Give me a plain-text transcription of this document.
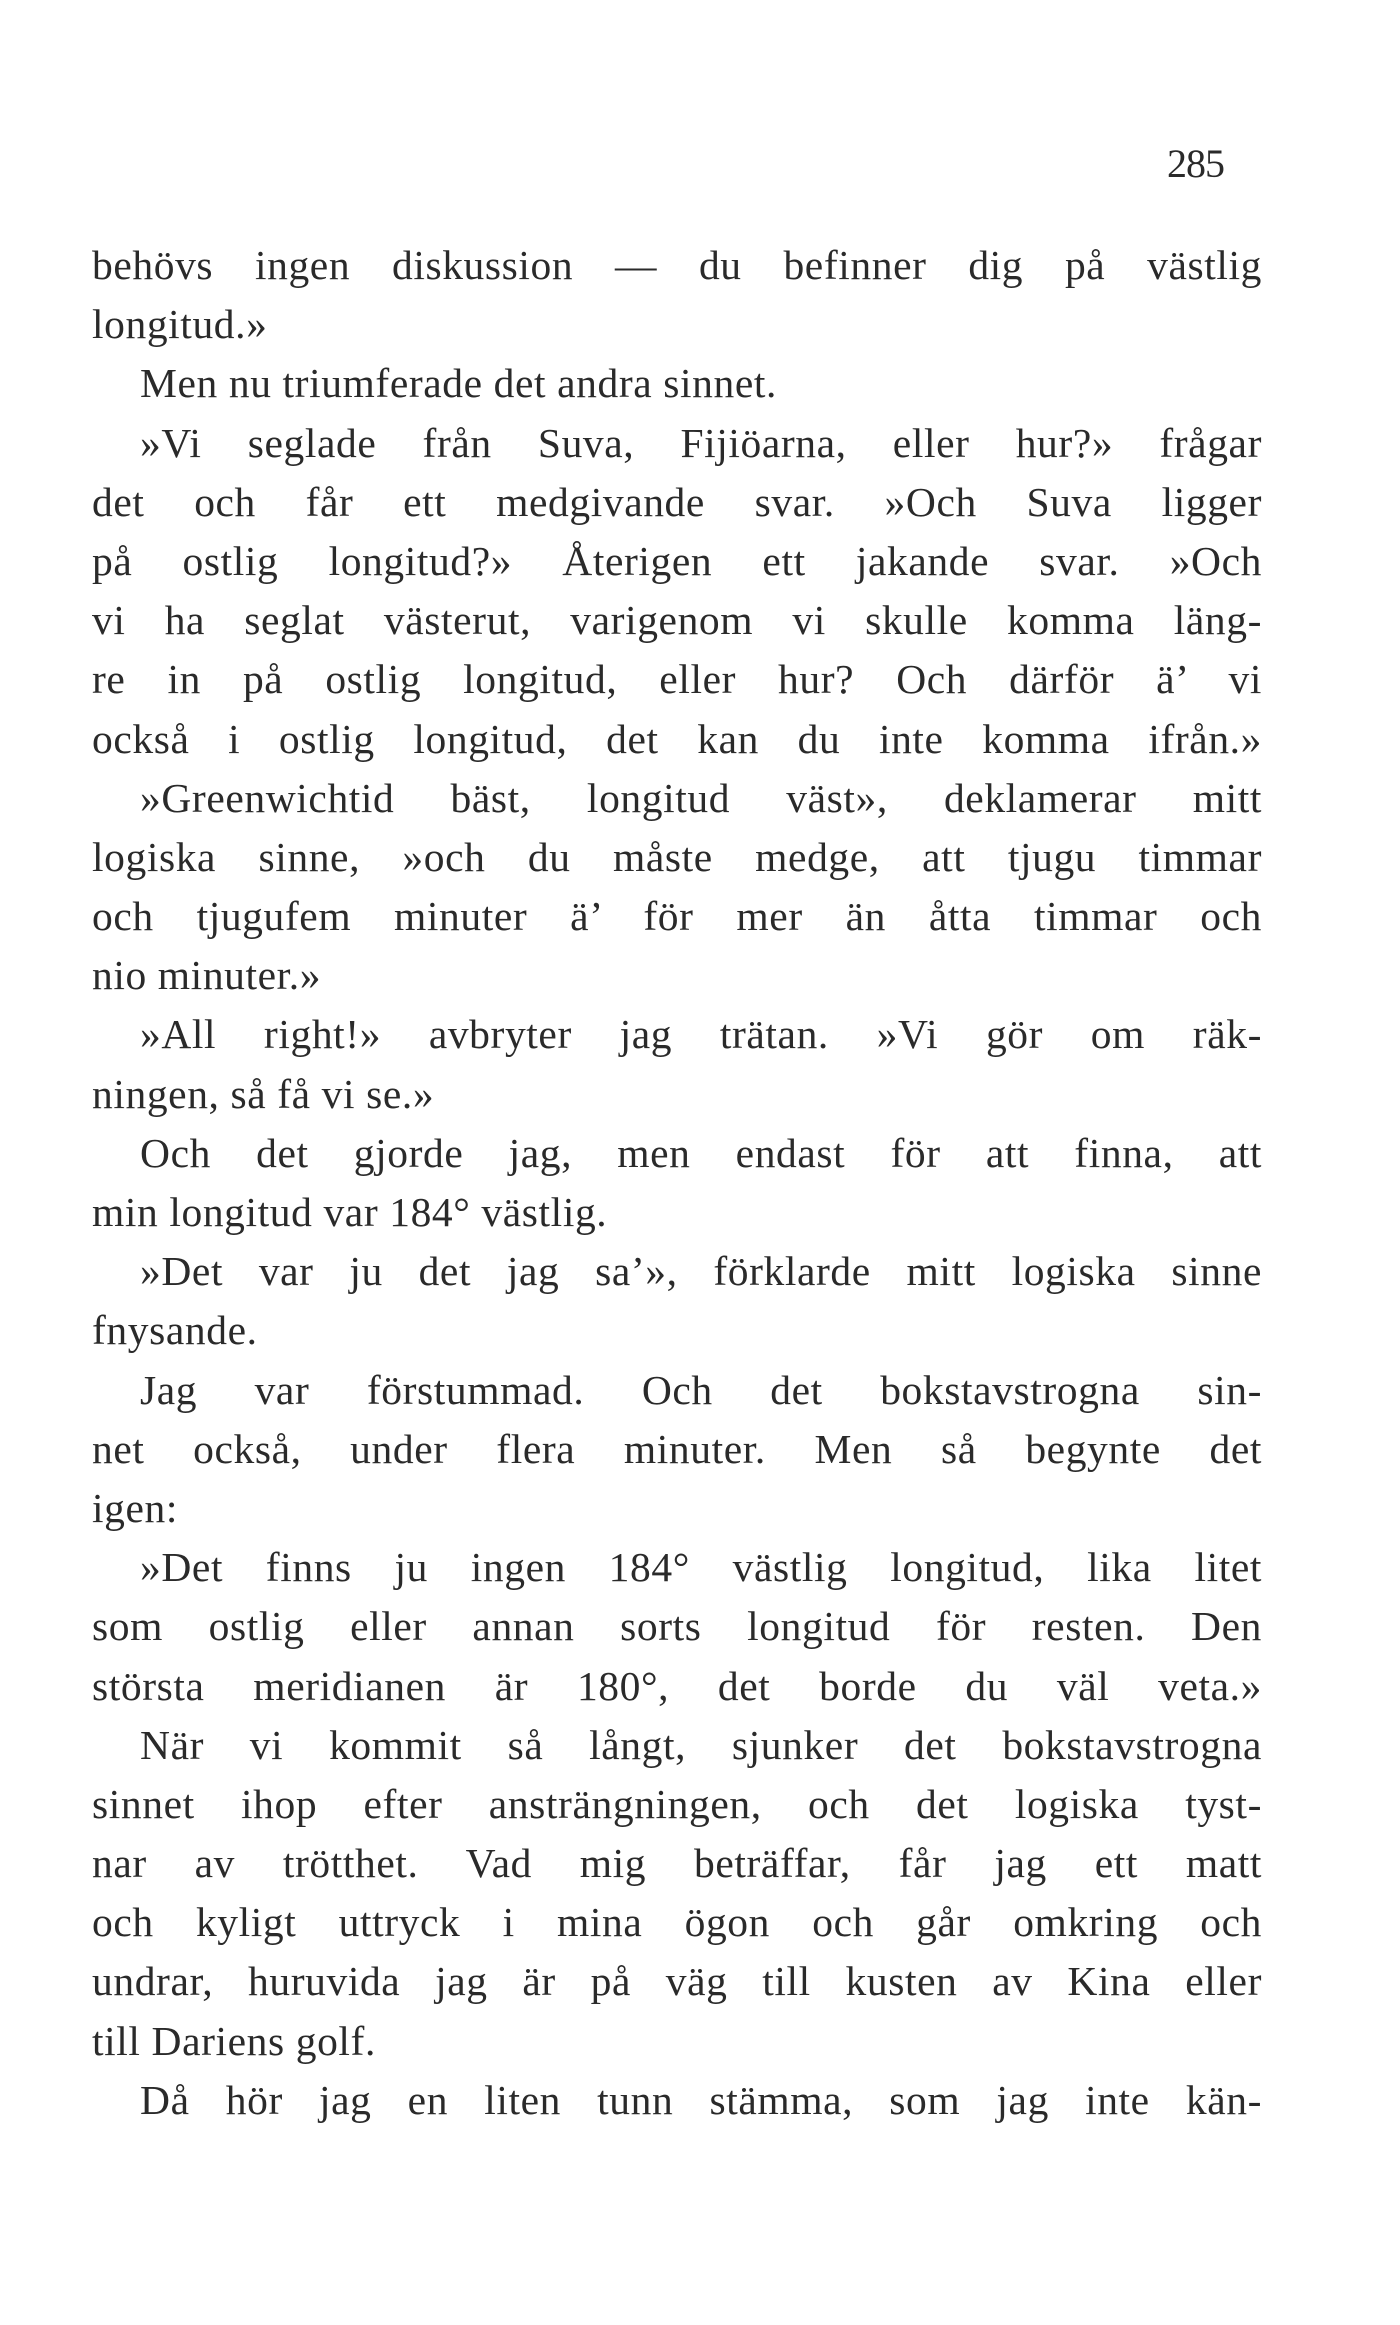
285
behövs ingen diskussion — du befinner dig på västlig
longitud.»
Men nu triumferade det andra sinnet.
»Vi seglade från Suva, Fijiöarna, eller hur?» frågar
det och får ett medgivande svar. »Och Suva ligger
på ostlig longitud?» Återigen ett jakande svar. »Och
vi ha seglat västerut, varigenom vi skulle komma läng-
re in på ostlig longitud, eller hur? Och därför ä’ vi
också i ostlig longitud, det kan du inte komma ifrån.»
»Greenwichtid bäst, longitud väst», deklamerar mitt
logiska sinne, »och du måste medge, att tjugu timmar
och tjugufem minuter ä’ för mer än åtta timmar och
nio minuter.»
»All right!» avbryter jag trätan. »Vi gör om räk-
ningen, så få vi se.»
Och det gjorde jag, men endast för att finna, att
min longitud var 184° västlig.
»Det var ju det jag sa’», förklarde mitt logiska sinne
fnysande.
Jag var förstummad. Och det bokstavstrogna sin-
net också, under flera minuter. Men så begynte det
igen:
»Det finns ju ingen 184° västlig longitud, lika litet
som ostlig eller annan sorts longitud för resten. Den
största meridianen är 180°, det borde du väl veta.»
När vi kommit så långt, sjunker det bokstavstrogna
sinnet ihop efter ansträngningen, och det logiska tyst-
nar av trötthet. Vad mig beträffar, får jag ett matt
och kyligt uttryck i mina ögon och går omkring och
undrar, huruvida jag är på väg till kusten av Kina eller
till Dariens golf.
Då hör jag en liten tunn stämma, som jag inte kän-
